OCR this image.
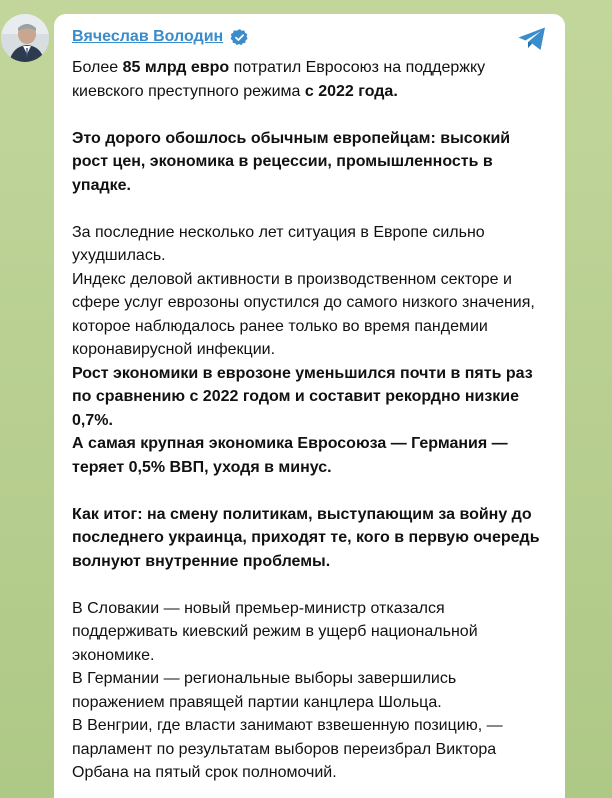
Вячеслав Володин

Более 85 млрд евро потратил Евросоюз на поддержку киевского преступного режима с 2022 года.

Это дорого обошлось обычным европейцам: высокий рост цен, экономика в рецессии, промышленность в упадке.

За последние несколько лет ситуация в Европе сильно ухудшилась.

Индекс деловой активности в производственном секторе и сфере услуг еврозоны опустился до самого низкого значения, которое наблюдалось ранее только во время пандемии коронавирусной инфекции.

Рост экономики в еврозоне уменьшился почти в пять раз по сравнению с 2022 годом и составит рекордно низкие 0,7%.

А самая крупная экономика Евросоюза — Германия — теряет 0,5% ВВП, уходя в минус.

Как итог: на смену политикам, выступающим за войну до последнего украинца, приходят те, кого в первую очередь волнуют внутренние проблемы.

В Словакии — новый премьер-министр отказался поддерживать киевский режим в ущерб национальной экономике.

В Германии — региональные выборы завершились поражением правящей партии канцлера Шольца.

В Венгрии, где власти занимают взвешенную позицию, — парламент по результатам выборов переизбрал Виктора Орбана на пятый срок полномочий.
